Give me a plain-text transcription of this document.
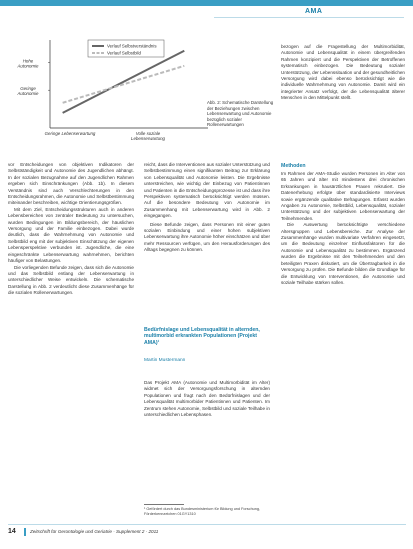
AMA
Hohe Autonomie
Geringe Autonomie
Geringe Lebenserwartung	Volle soziale Lebenserwartung
Verlauf Selbstverständnis
Verlauf Selbstbild
Abb. 2: Schematische Darstellung der Beziehungen zwischen Lebenserwartung und Autonomie bezüglich sozialer Rollenerwartungen

vor Entscheidungen von objektiven Indikatoren der Selbstständigkeit und Autonomie des Jugendlichen abhängt. In der sozialen Bezugnahme auf den Jugendlichen Rahmen ergeben sich Einschränkungen (Abb. 1b). In diesem Verständnis sind auch Verschlechterungen in den Entscheidungsrahmen, die Autonomie und Selbstbestimmung miteinander beschreiben, wichtige Orientierungsgrößen.

Mit dem Ziel, Entscheidungsstrukturen auch in anderen Lebensbereichen von zentraler Bedeutung zu untersuchen, wurden Bedingungen im Bildungsbereich, der häuslichen Versorgung und der Familie einbezogen. Dabei wurde deutlich, dass die Wahrnehmung von Autonomie und Selbstbild eng mit der subjektiven Einschätzung der eigenen Lebensperspektive verbunden ist. Jugendliche, die eine eingeschränkte Lebenserwartung wahrnehmen, berichten häufiger von Belastungen.

Die vorliegenden Befunde zeigen, dass sich die Autonomie und das Selbstbild entlang der Lebenserwartung in unterschiedlicher Weise entwickeln. Die schematische Darstellung in Abb. 2 verdeutlicht diese Zusammenhänge für die sozialen Rollenerwartungen.

reicht, dass die Interventionen aus sozialer Unterstützung und Selbstbestimmung einen signifikanten Beitrag zur Erklärung von Lebensqualität und Autonomie leisten. Die Ergebnisse unterstreichen, wie wichtig der Einbezug von Patientinnen und Patienten in die Entscheidungsprozesse ist und dass ihre Perspektiven systematisch berücksichtigt werden müssen. Auf die besondere Bedeutung von Autonomie im Zusammenhang mit Lebenserwartung wird in Abb. 2 eingegangen.

Diese Befunde zeigen, dass Personen mit einer guten sozialen Einbindung und einer hohen subjektiven Lebenserwartung ihre Autonomie höher einschätzen und über mehr Ressourcen verfügen, um den Herausforderungen des Alltags begegnen zu können.

Bedürfnislage und Lebensqualität in alternden, multimorbid erkrankten Populationen (Projekt AMA)¹
Martin Mustermann

Das Projekt AMA (Autonomie und Multimorbidität im Alter) widmet sich der Versorgungsforschung in alternden Populationen und fragt nach den Bedürfnislagen und der Lebensqualität multimorbider Patientinnen und Patienten. Im Zentrum stehen Autonomie, Selbstbild und soziale Teilhabe in unterschiedlichen Lebensphasen.

¹ Gefördert durch das Bundesministerium für Bildung und Forschung, Förderkennzeichen 01GY1310

bezogen auf die Fragestellung der Multimorbidität, Autonomie und Lebensqualität in einem übergreifenden Rahmen konzipiert und die Perspektiven der Betroffenen systematisch einbezogen. Die Bedeutung sozialer Unterstützung, der Lebenssituation und der gesundheitlichen Versorgung wird dabei ebenso berücksichtigt wie die individuelle Wahrnehmung von Autonomie. Damit wird ein integrierter Ansatz verfolgt, der die Lebensqualität älterer Menschen in den Mittelpunkt stellt.

Methoden

Im Rahmen der AMA-Studie wurden Personen im Alter von 65 Jahren und älter mit mindestens drei chronischen Erkrankungen in hausärztlichen Praxen rekrutiert. Die Datenerhebung erfolgte über standardisierte Interviews sowie ergänzende qualitative Befragungen. Erfasst wurden Angaben zu Autonomie, Selbstbild, Lebensqualität, sozialer Unterstützung und der subjektiven Lebenserwartung der Teilnehmenden.

Die Auswertung berücksichtigte verschiedene Altersgruppen und Lebensbereiche. Zur Analyse der Zusammenhänge wurden multivariate Verfahren eingesetzt, um die Bedeutung einzelner Einflussfaktoren für die Autonomie und Lebensqualität zu bestimmen. Ergänzend wurden die Ergebnisse mit den Teilnehmenden und den beteiligten Praxen diskutiert, um die Übertragbarkeit in die Versorgung zu prüfen. Die Befunde bilden die Grundlage für die Entwicklung von Interventionen, die Autonomie und soziale Teilhabe stärken sollen.

14	Zeitschrift für Gerontologie und Geriatrie · Supplement 2 · 2011
